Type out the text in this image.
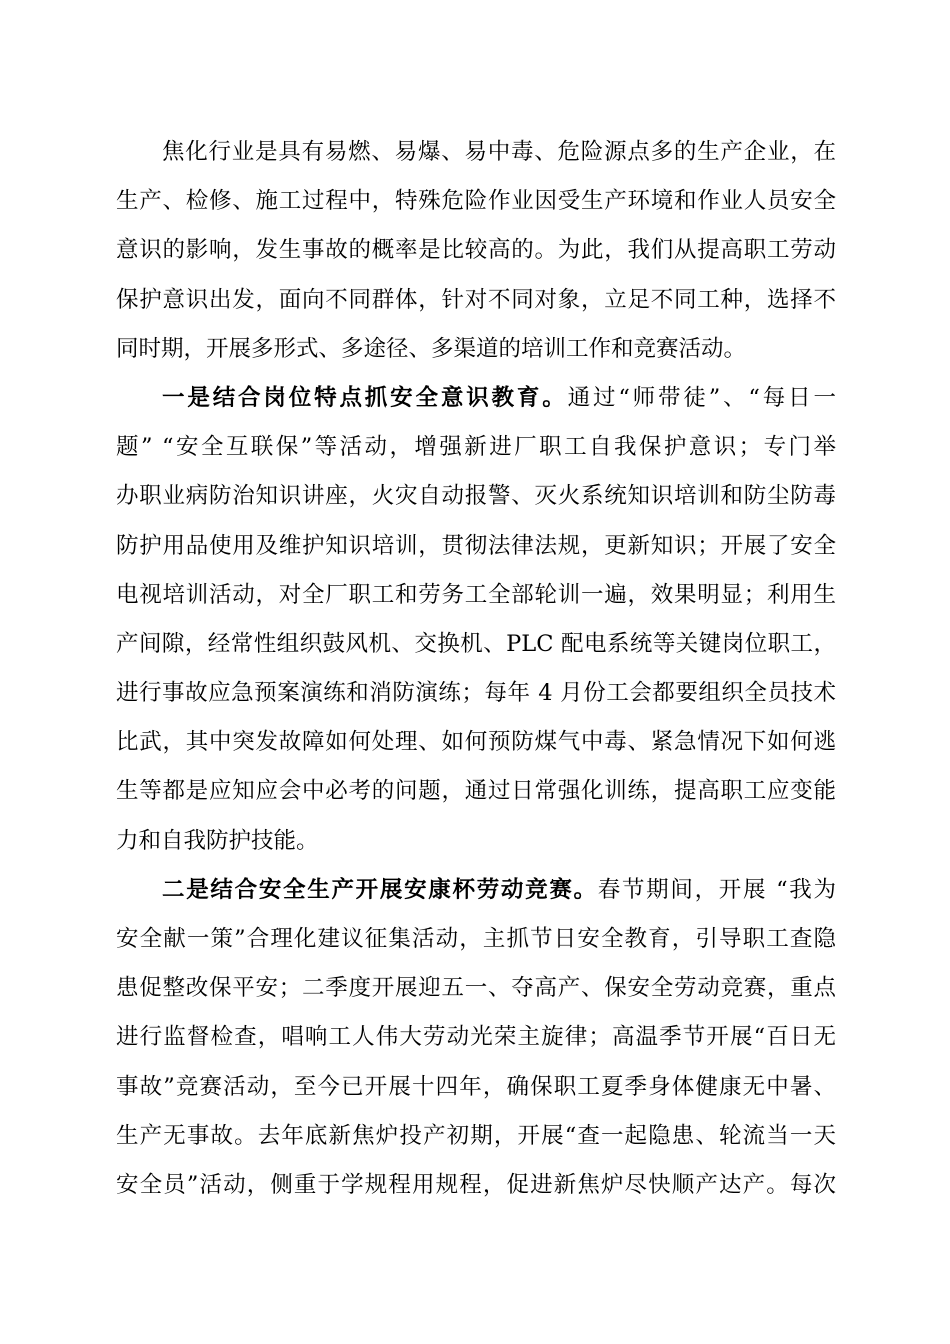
焦化行业是具有易燃、易爆、易中毒、危险源点多的生产企业，在
生产、检修、施工过程中，特殊危险作业因受生产环境和作业人员安全
意识的影响，发生事故的概率是比较高的。为此，我们从提高职工劳动
保护意识出发，面向不同群体，针对不同对象，立足不同工种，选择不
同时期，开展多形式、多途径、多渠道的培训工作和竞赛活动。
一是结合岗位特点抓安全意识教育。通过“师带徒”、“每日一
题” “安全互联保”等活动，增强新进厂职工自我保护意识；专门举
办职业病防治知识讲座，火灾自动报警、灭火系统知识培训和防尘防毒
防护用品使用及维护知识培训，贯彻法律法规，更新知识；开展了安全
电视培训活动，对全厂职工和劳务工全部轮训一遍，效果明显；利用生
产间隙，经常性组织鼓风机、交换机、PLC 配电系统等关键岗位职工，
进行事故应急预案演练和消防演练；每年 4 月份工会都要组织全员技术
比武，其中突发故障如何处理、如何预防煤气中毒、紧急情况下如何逃
生等都是应知应会中必考的问题，通过日常强化训练，提高职工应变能
力和自我防护技能。
二是结合安全生产开展安康杯劳动竞赛。春节期间，开展 “我为
安全献一策”合理化建议征集活动，主抓节日安全教育，引导职工查隐
患促整改保平安；二季度开展迎五一、夺高产、保安全劳动竞赛，重点
进行监督检查，唱响工人伟大劳动光荣主旋律；高温季节开展“百日无
事故”竞赛活动，至今已开展十四年，确保职工夏季身体健康无中暑、
生产无事故。去年底新焦炉投产初期，开展“查一起隐患、轮流当一天
安全员”活动，侧重于学规程用规程，促进新焦炉尽快顺产达产。每次
